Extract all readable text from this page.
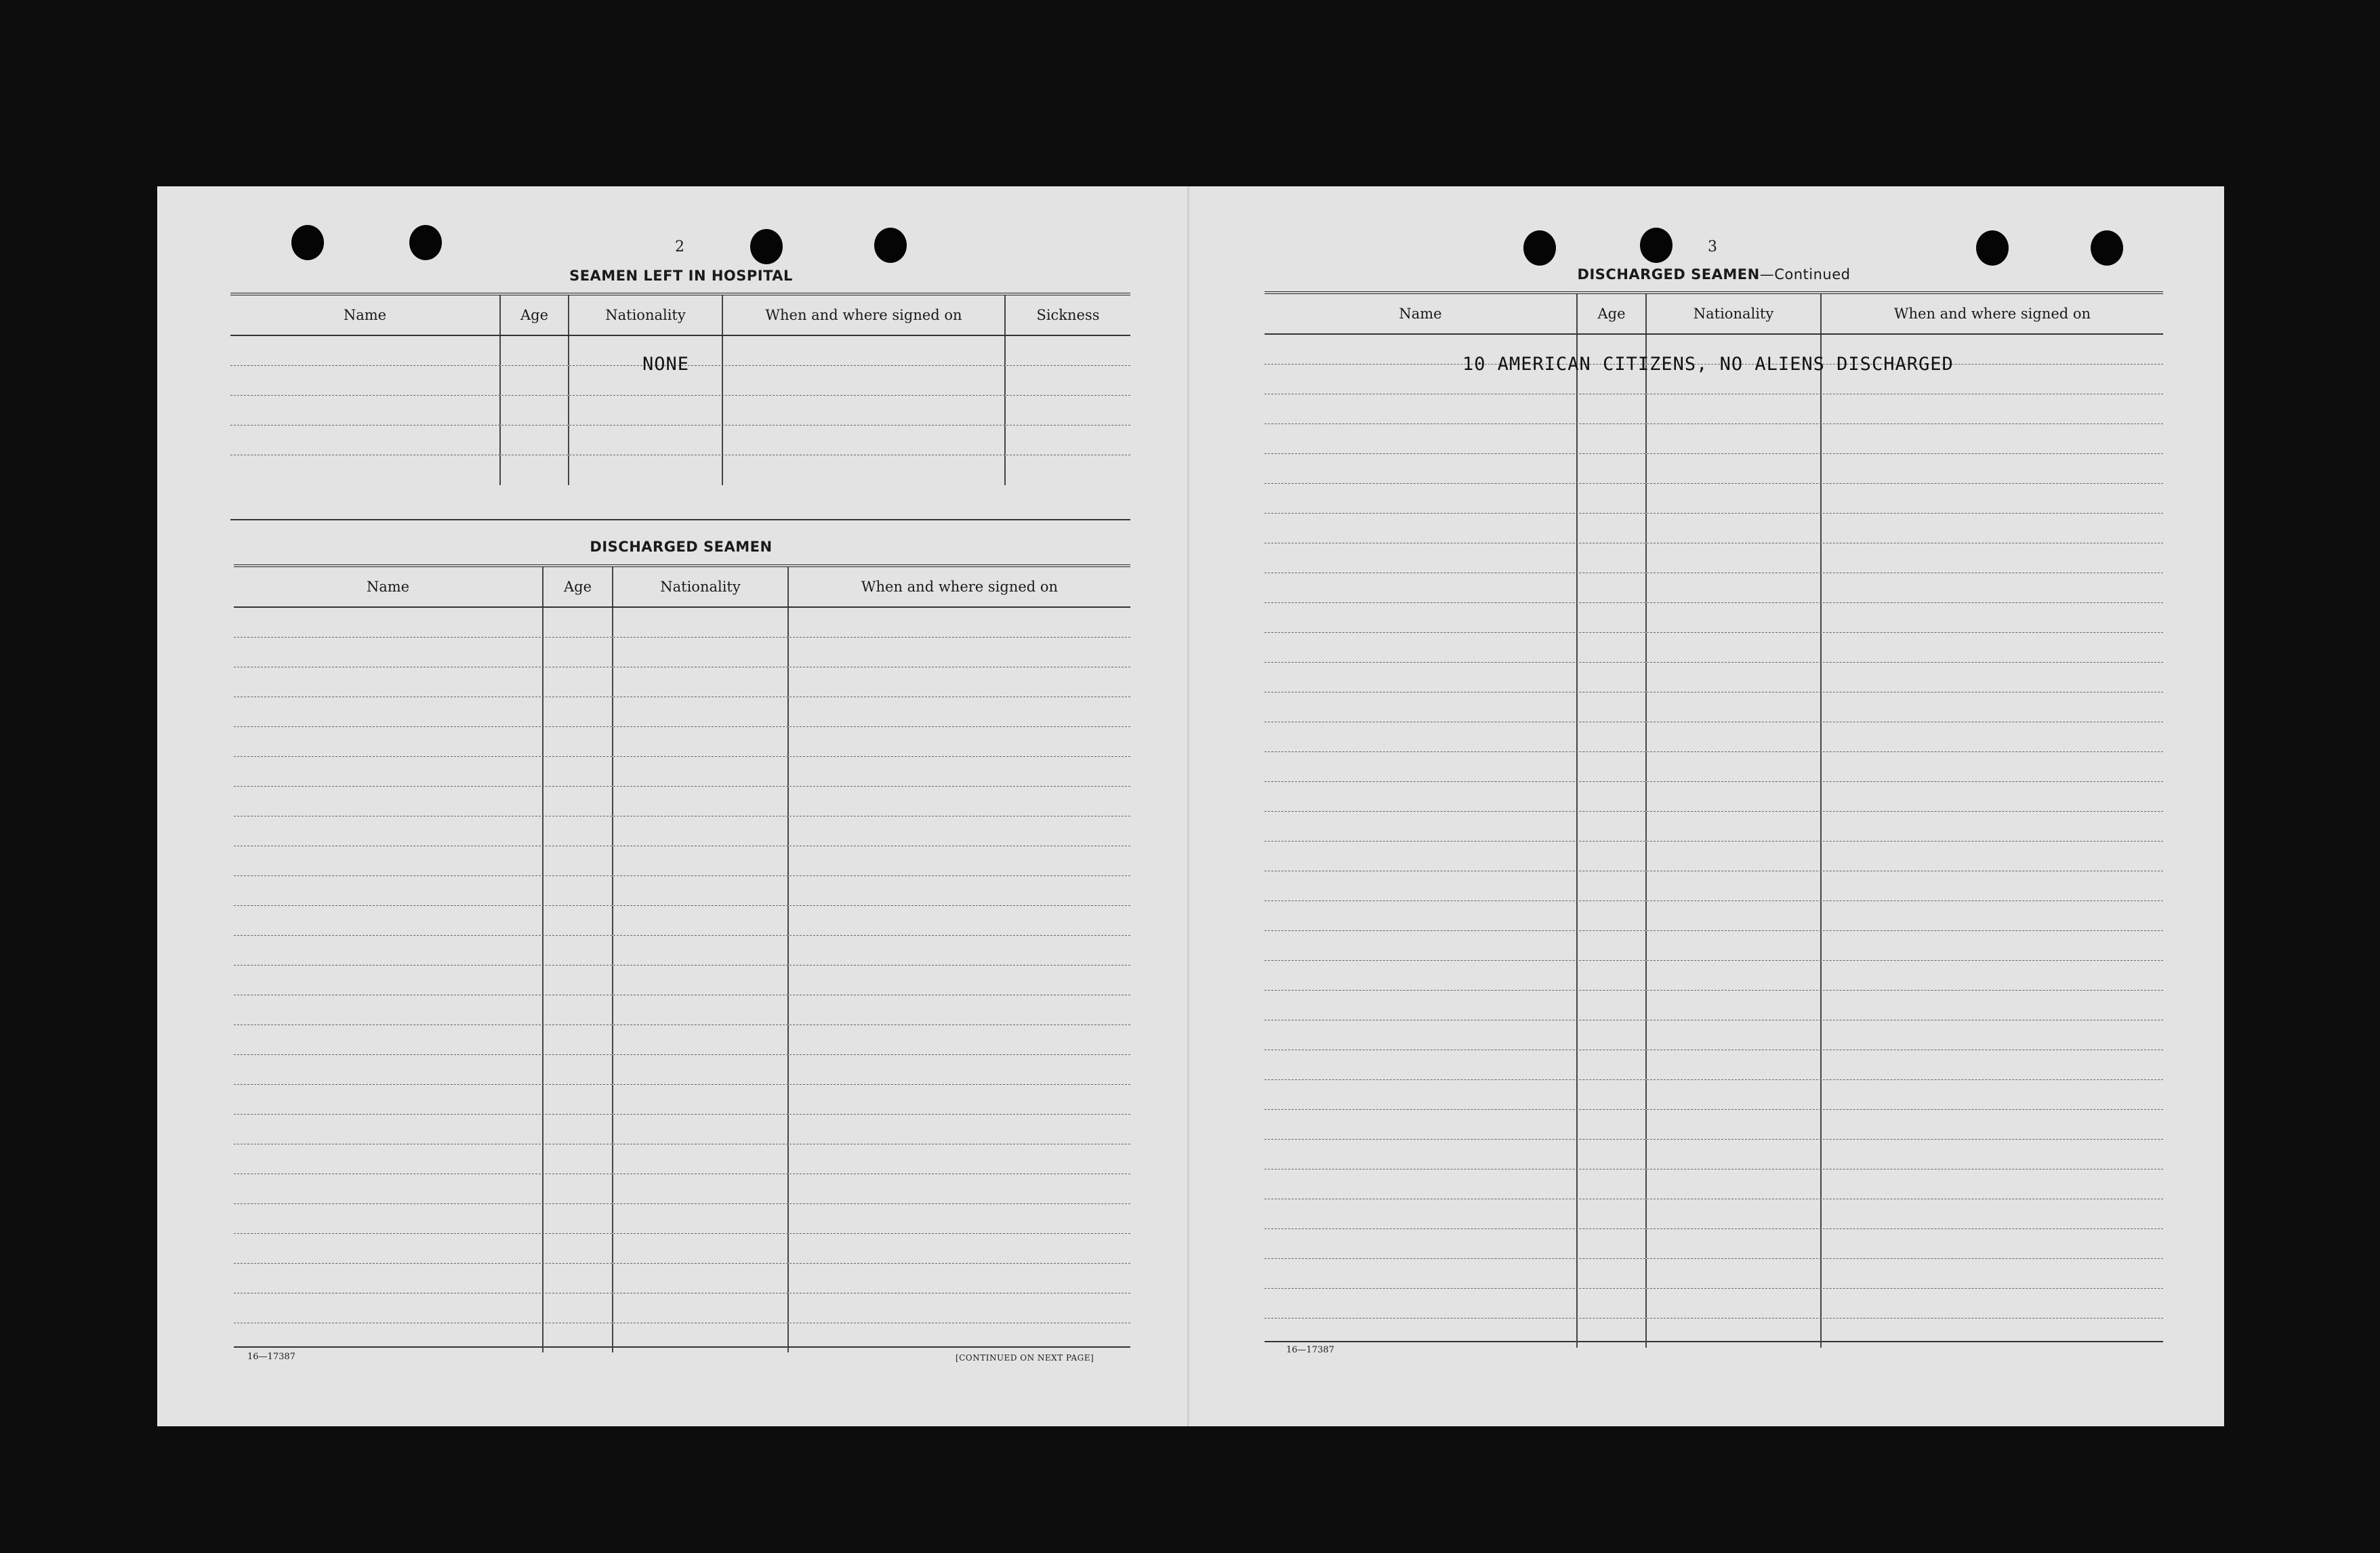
2
SEAMEN LEFT IN HOSPITAL
Name	Age	Nationality	When and where signed on	Sickness
NONE
DISCHARGED SEAMEN
Name	Age	Nationality	When and where signed on
16—17387	[CONTINUED ON NEXT PAGE]
3
DISCHARGED SEAMEN—Continued
Name	Age	Nationality	When and where signed on
10 AMERICAN CITIZENS, NO ALIENS DISCHARGED
16—17387
